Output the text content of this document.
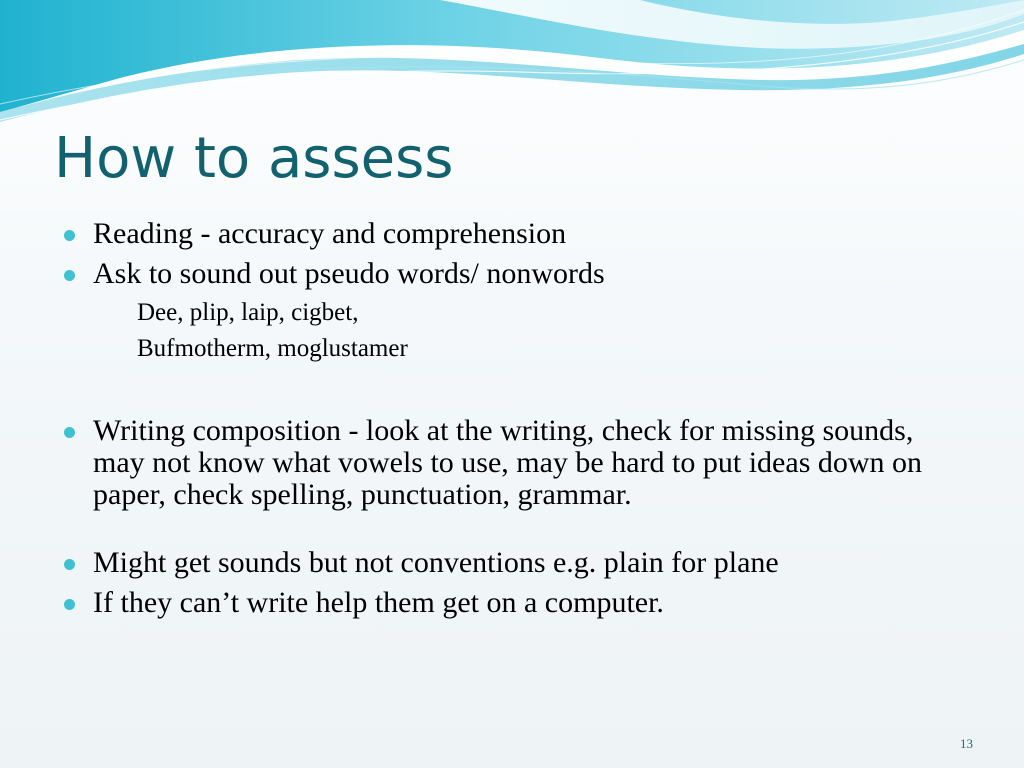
How to assess

Reading - accuracy and comprehension

Ask to sound out pseudo words/ nonwords

Dee, plip, laip, cigbet,

Bufmotherm, moglustamer

Writing composition - look at the writing, check for missing sounds, may not know what vowels to use, may be hard to put ideas down on paper, check spelling, punctuation, grammar.

Might get sounds but not conventions e.g. plain for plane

If they can’t write help them get on a computer.

13
